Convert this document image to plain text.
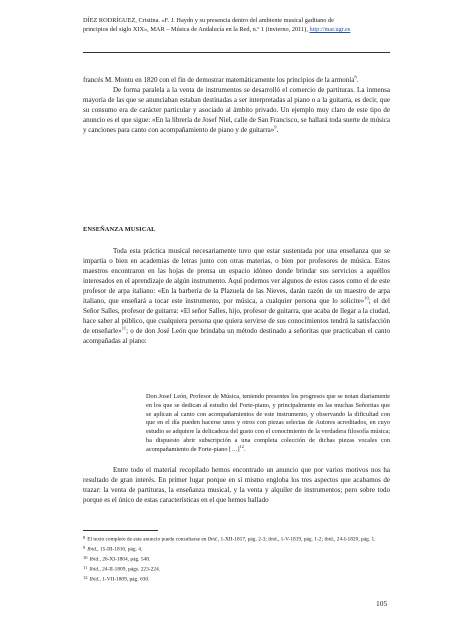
DÍEZ RODRÍGUEZ, Cristina. «F. J. Haydn y su presencia dentro del ambiente musical gaditano de
principios del siglo XIX», MAR – Música de Andalucía en la Red, n.º 1 (invierno, 2011), http://mar.ugr.es

francés M. Montu en 1820 con el fin de demostrar matemáticamente los principios de la armonía$^8$.

De forma paralela a la venta de instrumentos se desarrolló el comercio de partituras. La inmensa mayoría de las que se anunciaban estaban destinadas a ser interpretadas al piano o a la guitarra, es decir, que su consumo era de carácter particular y asociado al ámbito privado. Un ejemplo muy claro de este tipo de anuncio es el que sigue: «En la librería de Josef Niel, calle de San Francisco, se hallará toda suerte de música y canciones para canto con acompañamiento de piano y de guitarra»$^9$.

ENSEÑANZA MUSICAL

Toda esta práctica musical necesariamente tuvo que estar sustentada por una enseñanza que se impartía o bien en academias de letras junto con otras materias, o bien por profesores de música. Estos maestros encontraron en las hojas de prensa un espacio idóneo donde brindar sus servicios a aquéllos interesados en el aprendizaje de algún instrumento. Aquí podemos ver algunos de estos casos como el de este profesor de arpa italiano: «En la barbería de la Plazuela de las Nieves, darán razón de un maestro de arpa italiano, que enseñará a tocar este instrumento, por música, a cualquier persona que lo solicite»$^{10}$; el del Señor Salles, profesor de guitarra: «El señor Salles, hijo, profesor de guitarra, que acaba de llegar a la ciudad, hace saber al público, que cualquiera persona que quiera servirse de sus conocimientos tendrá la satisfacción de enseñarle»$^{11}$; o de don José León que brindaba un método destinado a señoritas que practicaban el canto acompañadas al piano:

Don Josef León, Profesor de Música, teniendo presentes los progresos que se notan diariamente en los que se dedican al estudio del Forte-piano, y principalmente en las muchas Señoritas que se aplican al canto con acompañamientos de este instrumento, y observando la dificultad con que en el día pueden hacerse unos y otros con piezas selectas de Autores acreditados, en cuyo estudio se adquiere la delicadeza del gusto con el conocimiento de la verdadera filosofía música; ha dispuesto abrir subscripción a una completa colección de dichas piezas vocales con acompañamiento de Forte-piano […]$^{12}$.

Entre todo el material recopilado hemos encontrado un anuncio que por varios motivos nos ha resultado de gran interés. En primer lugar porque en sí mismo engloba los tres aspectos que acabamos de trazar: la venta de partituras, la enseñanza musical, y la venta y alquiler de instrumentos; pero sobre todo porque es el único de estas características en el que hemos hallado

$^8$ El texto completo de este anuncio puede consultarse en Ibid., 1-XII-1817, pág. 2-3; ibid., 1-V-1819, pág. 1-2; ibid., 24-I-1820, pág. 1.
$^9$ Ibid., 15-III-1810, pág. 4.
$^{10}$ Ibid., 26-XI-1804, pág. 548.
$^{11}$ Ibid., 24-II-1809, págs. 223-224.
$^{12}$ Ibid., 1-VII-1809, pág. 630.
105
